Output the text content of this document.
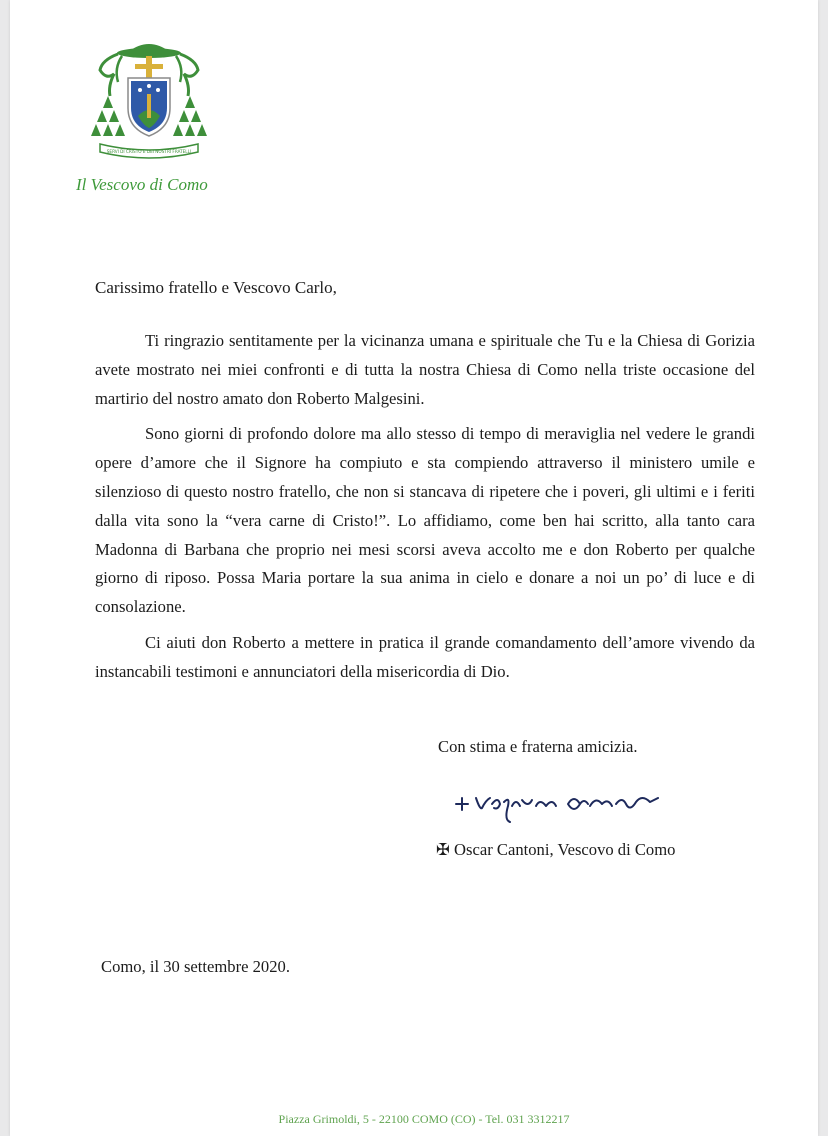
SERVI DI CRISTO E DEI NOSTRI FRATELLI
Il Vescovo di Como
Carissimo fratello e Vescovo Carlo,

Ti ringrazio sentitamente per la vicinanza umana e spirituale che Tu e la Chiesa di Gorizia avete mostrato nei miei confronti e di tutta la nostra Chiesa di Como nella triste occasione del martirio del nostro amato don Roberto Malgesini.

Sono giorni di profondo dolore ma allo stesso di tempo di meraviglia nel vedere le grandi opere d’amore che il Signore ha compiuto e sta compiendo attraverso il ministero umile e silenzioso di questo nostro fratello, che non si stancava di ripetere che i poveri, gli ultimi e i feriti dalla vita sono la “vera carne di Cristo!”. Lo affidiamo, come ben hai scritto, alla tanto cara Madonna di Barbana che proprio nei mesi scorsi aveva accolto me e don Roberto per qualche giorno di riposo. Possa Maria portare la sua anima in cielo e donare a noi un po’ di luce e di consolazione.

Ci aiuti don Roberto a mettere in pratica il grande comandamento dell’amore vivendo da instancabili testimoni e annunciatori della misericordia di Dio.

Con stima e fraterna amicizia.
✠ Oscar Cantoni, Vescovo di Como
Como, il 30 settembre 2020.
Piazza Grimoldi, 5 - 22100 COMO (CO) - Tel. 031 3312217
